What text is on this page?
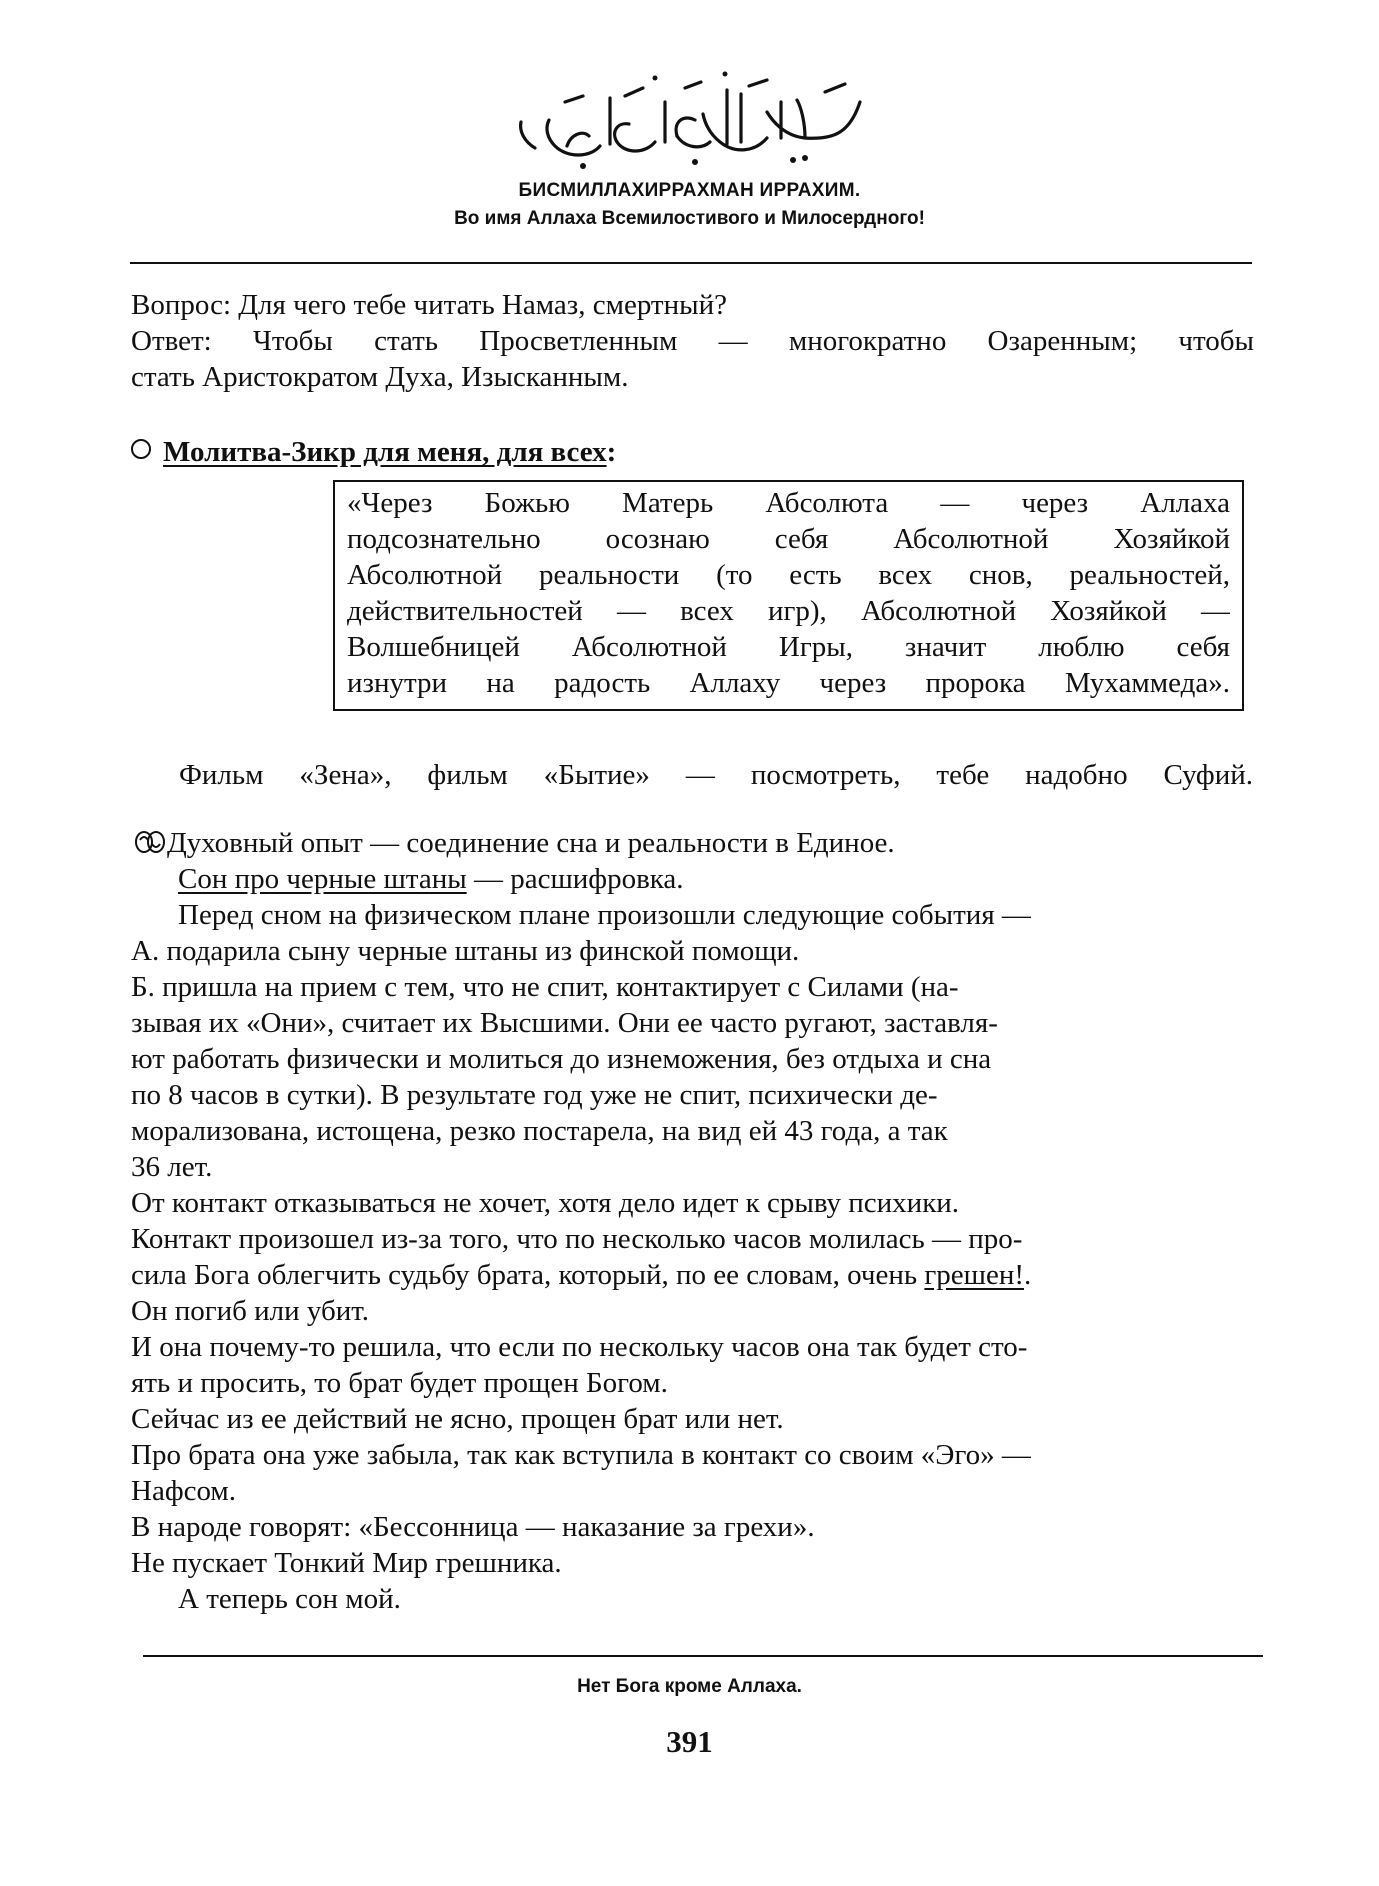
БИСМИЛЛАХИРРАХМАН ИРРАХИМ.
Во имя Аллаха Всемилостивого и Милосердного!
Вопрос: Для чего тебе читать Намаз, смертный?
Ответ: Чтобы стать Просветленным — многократно Озаренным; чтобы
стать Аристократом Духа, Изысканным.
Молитва-Зикр для меня, для всех:
«Через Божью Матерь Абсолюта — через Аллаха
подсознательно осознаю себя Абсолютной Хозяйкой
Абсолютной реальности (то есть всех снов, реальностей,
действительностей — всех игр), Абсолютной Хозяйкой —
Волшебницей Абсолютной Игры, значит люблю себя
изнутри на радость Аллаху через пророка Мухаммеда».
Фильм «Зена», фильм «Бытие» — посмотреть, тебе надобно Суфий.
Духовный опыт — соединение сна и реальности в Единое.
Сон про черные штаны — расшифровка.
Перед сном на физическом плане произошли следующие события —
А. подарила сыну черные штаны из финской помощи.
Б. пришла на прием с тем, что не спит, контактирует с Силами (на-
зывая их «Они», считает их Высшими. Они ее часто ругают, заставля-
ют работать физически и молиться до изнеможения, без отдыха и сна
по 8 часов в сутки). В результате год уже не спит, психически де-
морализована, истощена, резко постарела, на вид ей 43 года, а так
36 лет.
От контакт отказываться не хочет, хотя дело идет к срыву психики.
Контакт произошел из-за того, что по несколько часов молилась — про-
сила Бога облегчить судьбу брата, который, по ее словам, очень грешен!.
Он погиб или убит.
И она почему-то решила, что если по нескольку часов она так будет сто-
ять и просить, то брат будет прощен Богом.
Сейчас из ее действий не ясно, прощен брат или нет.
Про брата она уже забыла, так как вступила в контакт со своим «Эго» —
Нафсом.
В народе говорят: «Бессонница — наказание за грехи».
Не пускает Тонкий Мир грешника.
А теперь сон мой.
Нет Бога кроме Аллаха.
391
